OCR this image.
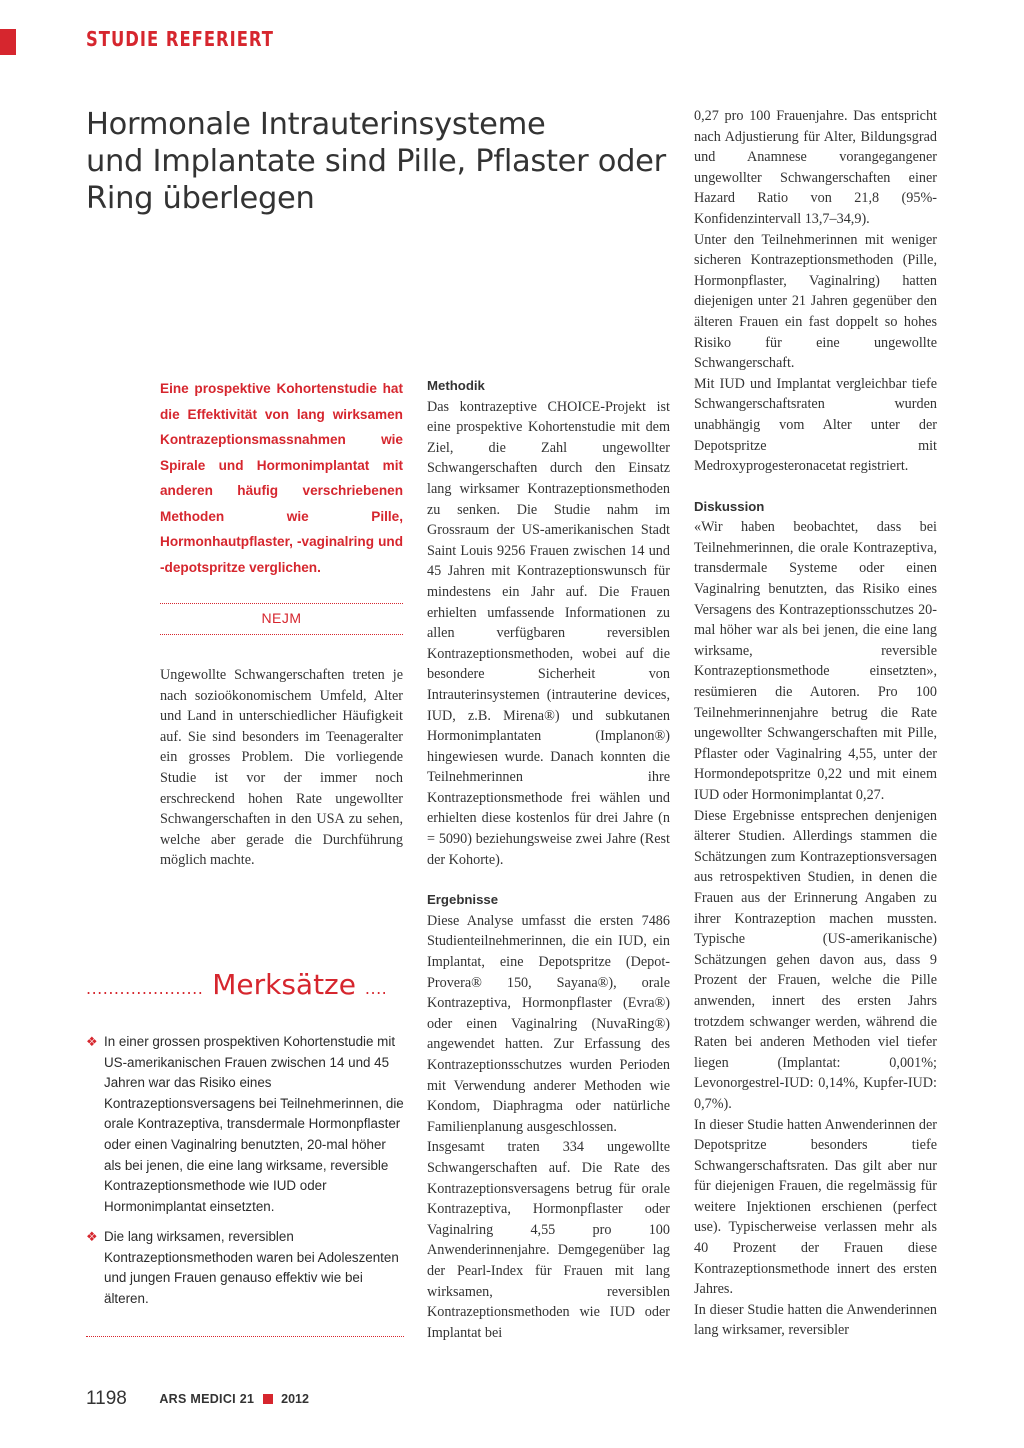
STUDIE REFERIERT
Hormonale Intrauterinsysteme
und Implantate sind Pille, Pflaster oder
Ring überlegen

Eine prospektive Kohortenstudie hat die Effektivität von lang wirksamen Kontrazeptionsmassnahmen wie Spirale und Hormonimplantat mit anderen häufig verschriebenen Methoden wie Pille, Hormonhautpflaster, -vaginalring und -depotspritze verglichen.

NEJM

Ungewollte Schwangerschaften treten je nach sozioökonomischem Umfeld, Alter und Land in unterschiedlicher Häufigkeit auf. Sie sind besonders im Teenageralter ein grosses Problem. Die vorliegende Studie ist vor der immer noch erschreckend hohen Rate ungewollter Schwangerschaften in den USA zu sehen, welche aber gerade die Durchführung möglich machte.

Methodik

Das kontrazeptive CHOICE-Projekt ist eine prospektive Kohortenstudie mit dem Ziel, die Zahl ungewollter Schwangerschaften durch den Einsatz lang wirksamer Kontrazeptionsmethoden zu senken. Die Studie nahm im Grossraum der US-amerikanischen Stadt Saint Louis 9256 Frauen zwischen 14 und 45 Jahren mit Kontrazeptionswunsch für mindestens ein Jahr auf. Die Frauen erhielten umfassende Informationen zu allen verfügbaren reversiblen Kontrazeptionsmethoden, wobei auf die besondere Sicherheit von Intrauterinsystemen (intrauterine devices, IUD, z.B. Mirena®) und subkutanen Hormonimplantaten (Implanon®) hingewiesen wurde. Danach konnten die Teilnehmerinnen ihre Kontrazeptionsmethode frei wählen und erhielten diese kostenlos für drei Jahre (n = 5090) beziehungsweise zwei Jahre (Rest der Kohorte).

Ergebnisse

Diese Analyse umfasst die ersten 7486 Studienteilnehmerinnen, die ein IUD, ein Implantat, eine Depotspritze (Depot-Provera® 150, Sayana®), orale Kontrazeptiva, Hormonpflaster (Evra®) oder einen Vaginalring (NuvaRing®) angewendet hatten. Zur Erfassung des Kontrazeptionsschutzes wurden Perioden mit Verwendung anderer Methoden wie Kondom, Diaphragma oder natürliche Familienplanung ausgeschlossen.

Insgesamt traten 334 ungewollte Schwangerschaften auf. Die Rate des Kontrazeptionsversagens betrug für orale Kontrazeptiva, Hormonpflaster oder Vaginalring 4,55 pro 100 Anwenderinnenjahre. Demgegenüber lag der Pearl-Index für Frauen mit lang wirksamen, reversiblen Kontrazeptionsmethoden wie IUD oder Implantat bei

0,27 pro 100 Frauenjahre. Das entspricht nach Adjustierung für Alter, Bildungsgrad und Anamnese vorangegangener ungewollter Schwangerschaften einer Hazard Ratio von 21,8 (95%-Konfidenzintervall 13,7–34,9).

Unter den Teilnehmerinnen mit weniger sicheren Kontrazeptionsmethoden (Pille, Hormonpflaster, Vaginalring) hatten diejenigen unter 21 Jahren gegenüber den älteren Frauen ein fast doppelt so hohes Risiko für eine ungewollte Schwangerschaft.

Mit IUD und Implantat vergleichbar tiefe Schwangerschaftsraten wurden unabhängig vom Alter unter der Depotspritze mit Medroxyprogesteronacetat registriert.

Diskussion

«Wir haben beobachtet, dass bei Teilnehmerinnen, die orale Kontrazeptiva, transdermale Systeme oder einen Vaginalring benutzten, das Risiko eines Versagens des Kontrazeptionsschutzes 20-mal höher war als bei jenen, die eine lang wirksame, reversible Kontrazeptionsmethode einsetzten», resümieren die Autoren. Pro 100 Teilnehmerinnenjahre betrug die Rate ungewollter Schwangerschaften mit Pille, Pflaster oder Vaginalring 4,55, unter der Hormondepotspritze 0,22 und mit einem IUD oder Hormonimplantat 0,27.

Diese Ergebnisse entsprechen denjenigen älterer Studien. Allerdings stammen die Schätzungen zum Kontrazeptionsversagen aus retrospektiven Studien, in denen die Frauen aus der Erinnerung Angaben zu ihrer Kontrazeption machen mussten. Typische (US-amerikanische) Schätzungen gehen davon aus, dass 9 Prozent der Frauen, welche die Pille anwenden, innert des ersten Jahrs trotzdem schwanger werden, während die Raten bei anderen Methoden viel tiefer liegen (Implantat: 0,001%; Levonorgestrel-IUD: 0,14%, Kupfer-IUD: 0,7%).

In dieser Studie hatten Anwenderinnen der Depotspritze besonders tiefe Schwangerschaftsraten. Das gilt aber nur für diejenigen Frauen, die regelmässig für weitere Injektionen erschienen (perfect use). Typischerweise verlassen mehr als 40 Prozent der Frauen diese Kontrazeptionsmethode innert des ersten Jahres.

In dieser Studie hatten die Anwenderinnen lang wirksamer, reversibler

..................... Merksätze ....
❖ In einer grossen prospektiven Kohortenstudie mit US-amerikanischen Frauen zwischen 14 und 45 Jahren war das Risiko eines Kontrazeptionsversagens bei Teilnehmerinnen, die orale Kontrazeptiva, transdermale Hormonpflaster oder einen Vaginalring benutzten, 20-mal höher als bei jenen, die eine lang wirksame, reversible Kontrazeptionsmethode wie IUD oder Hormonimplantat einsetzten.
❖ Die lang wirksamen, reversiblen Kontrazeptionsmethoden waren bei Adoleszenten und jungen Frauen genauso effektiv wie bei älteren.
1198	ARS MEDICI 21 2012
